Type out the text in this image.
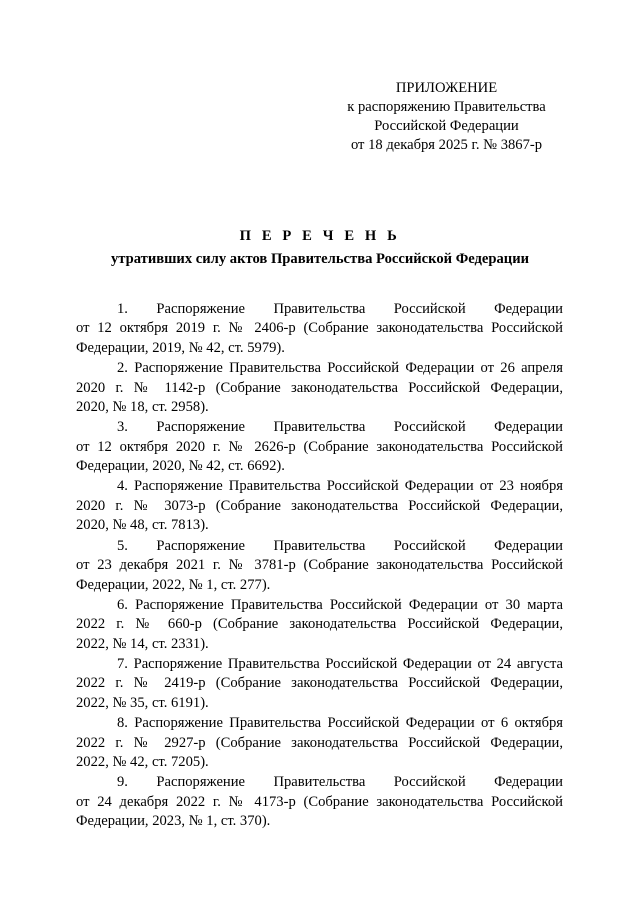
ПРИЛОЖЕНИЕ
к распоряжению Правительства
Российской Федерации
от 18 декабря 2025 г. № 3867-р
П Е Р Е Ч Е Н Ь
утративших силу актов Правительства Российской Федерации
1. Распоряжение Правительства Российской Федерации
от 12 октября 2019 г. № 2406-р (Собрание законодательства Российской
Федерации, 2019, № 42, ст. 5979).
2. Распоряжение Правительства Российской Федерации от 26 апреля
2020 г. № 1142-р (Собрание законодательства Российской Федерации,
2020, № 18, ст. 2958).
3. Распоряжение Правительства Российской Федерации
от 12 октября 2020 г. № 2626-р (Собрание законодательства Российской
Федерации, 2020, № 42, ст. 6692).
4. Распоряжение Правительства Российской Федерации от 23 ноября
2020 г. № 3073-р (Собрание законодательства Российской Федерации,
2020, № 48, ст. 7813).
5. Распоряжение Правительства Российской Федерации
от 23 декабря 2021 г. № 3781-р (Собрание законодательства Российской
Федерации, 2022, № 1, ст. 277).
6. Распоряжение Правительства Российской Федерации от 30 марта
2022 г. № 660-р (Собрание законодательства Российской Федерации,
2022, № 14, ст. 2331).
7. Распоряжение Правительства Российской Федерации от 24 августа
2022 г. № 2419-р (Собрание законодательства Российской Федерации,
2022, № 35, ст. 6191).
8. Распоряжение Правительства Российской Федерации от 6 октября
2022 г. № 2927-р (Собрание законодательства Российской Федерации,
2022, № 42, ст. 7205).
9. Распоряжение Правительства Российской Федерации
от 24 декабря 2022 г. № 4173-р (Собрание законодательства Российской
Федерации, 2023, № 1, ст. 370).
